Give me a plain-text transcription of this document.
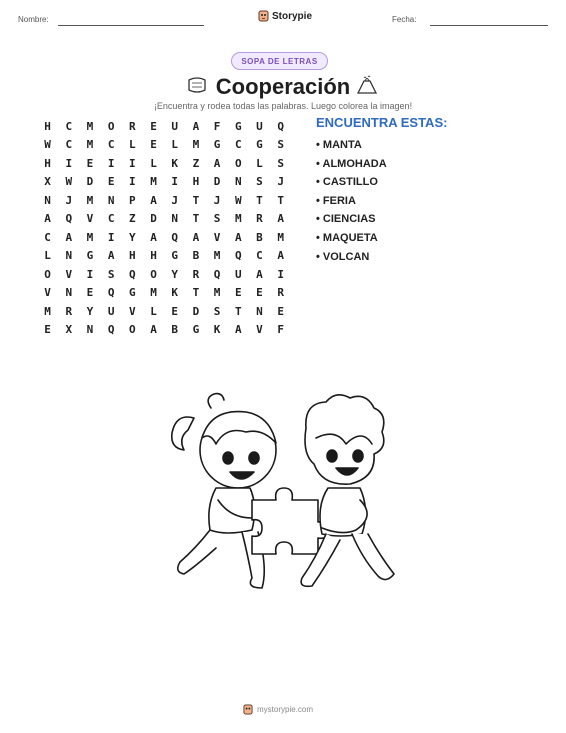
Nombre:	Fecha:
Storypie
SOPA DE LETRAS
Cooperación
¡Encuentra y rodea todas las palabras. Luego colorea la imagen!
H	C	M	O	R	E	U	A	F	G	U	Q
W	C	M	C	L	E	L	M	G	C	G	S
H	I	E	I	I	L	K	Z	A	O	L	S
X	W	D	E	I	M	I	H	D	N	S	J
N	J	M	N	P	A	J	T	J	W	T	T
A	Q	V	C	Z	D	N	T	S	M	R	A
C	A	M	I	Y	A	Q	A	V	A	B	M
L	N	G	A	H	H	G	B	M	Q	C	A
O	V	I	S	Q	O	Y	R	Q	U	A	I
V	N	E	Q	G	M	K	T	M	E	E	R
M	R	Y	U	V	L	E	D	S	T	N	E
E	X	N	Q	O	A	B	G	K	A	V	F
ENCUENTRA ESTAS:
• MANTA
• ALMOHADA
• CASTILLO
• FERIA
• CIENCIAS
• MAQUETA
• VOLCAN
mystorypie.com
